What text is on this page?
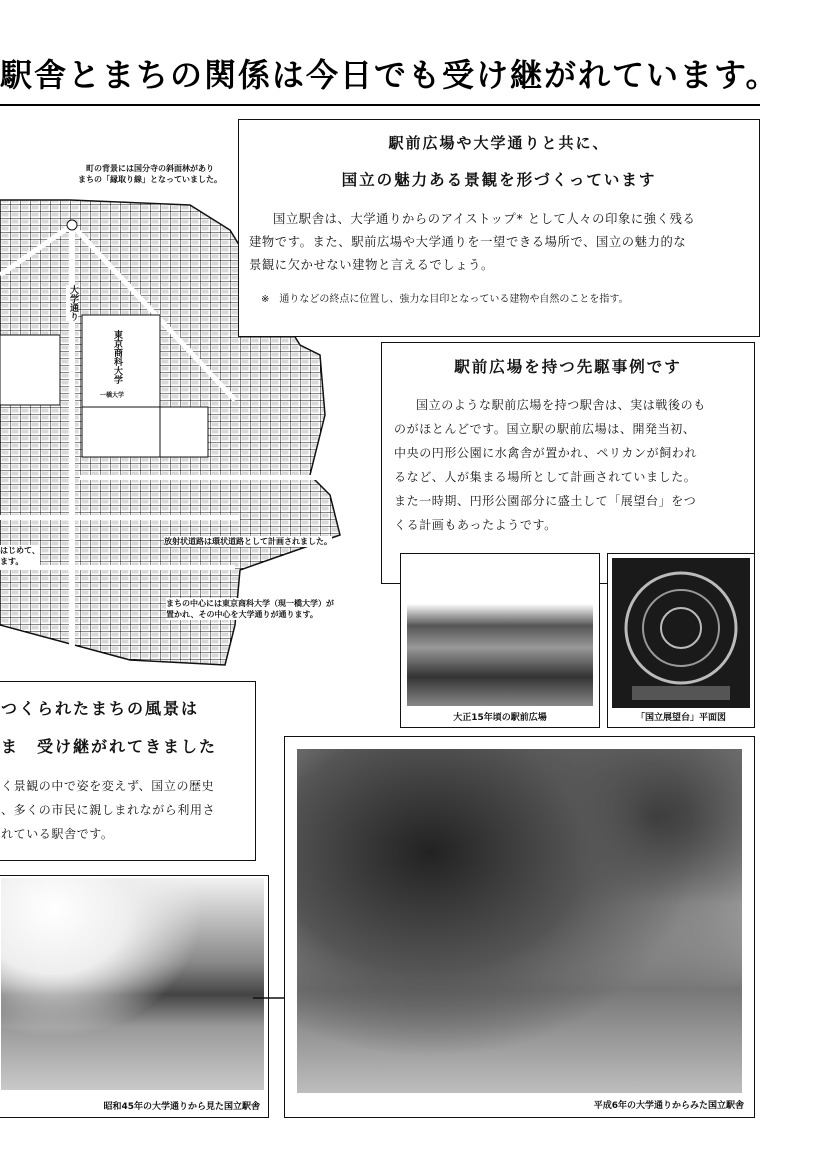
駅舎とまちの関係は今日でも受け継がれています。
町の背景には国分寺の斜面林があり
まちの「縁取り線」となっていました。
東京商科大学
一橋大学
大学通り
放射状道路は環状道路として計画されました。
まちの中心には東京商科大学（現一橋大学）が
置かれ、その中心を大学通りが通ります。
はじめて、
ます。
駅前広場や大学通りと共に、
国立の魅力ある景観を形づくっています
国立駅舎は、大学通りからのアイストップ* として人々の印象に強く残る
建物です。また、駅前広場や大学通りを一望できる場所で、国立の魅力的な
景観に欠かせない建物と言えるでしょう。
※　通りなどの終点に位置し、強力な目印となっている建物や自然のことを指す。
駅前広場を持つ先駆事例です
国立のような駅前広場を持つ駅舎は、実は戦後のも
のがほとんどです。国立駅の駅前広場は、開発当初、
中央の円形公園に水禽舎が置かれ、ペリカンが飼われ
るなど、人が集まる場所として計画されていました。
また一時期、円形公園部分に盛土して「展望台」をつ
くる計画もあったようです。
大正15年頃の駅前広場	「国立展望台」平面図
つくられたまちの風景は
ま　受け継がれてきました
く景観の中で姿を変えず、国立の歴史
、多くの市民に親しまれながら利用さ
れている駅舎です。
昭和45年の大学通りから見た国立駅舎	平成6年の大学通りからみた国立駅舎
